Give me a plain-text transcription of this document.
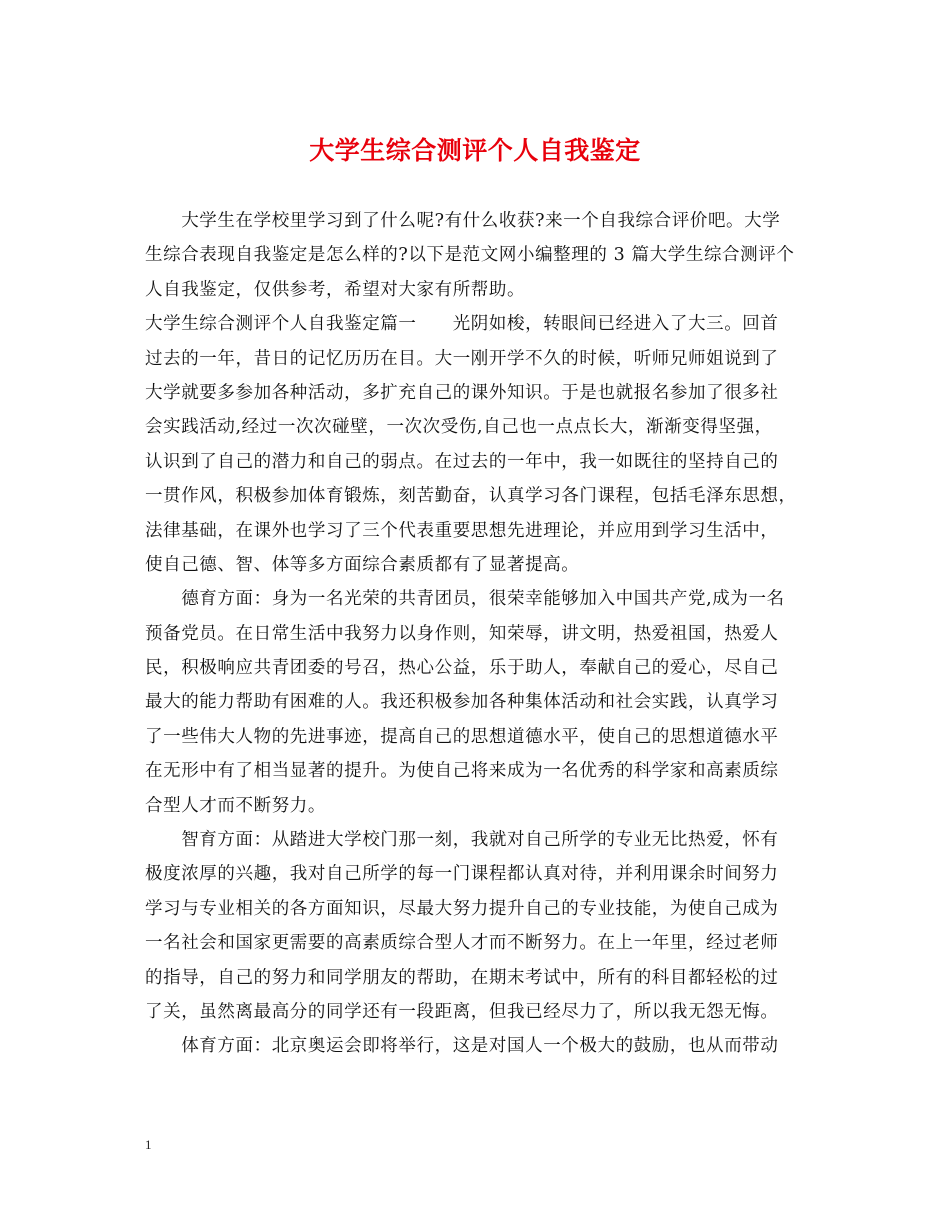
大学生综合测评个人自我鉴定
　　大学生在学校里学习到了什么呢?有什么收获?来一个自我综合评价吧。大学
生综合表现自我鉴定是怎么样的?以下是范文网小编整理的 3 篇大学生综合测评个
人自我鉴定，仅供参考，希望对大家有所帮助。
大学生综合测评个人自我鉴定篇一　　光阴如梭，转眼间已经进入了大三。回首
过去的一年，昔日的记忆历历在目。大一刚开学不久的时候，听师兄师姐说到了
大学就要多参加各种活动，多扩充自己的课外知识。于是也就报名参加了很多社
会实践活动,经过一次次碰壁，一次次受伤,自己也一点点长大，渐渐变得坚强，
认识到了自己的潜力和自己的弱点。在过去的一年中，我一如既往的坚持自己的
一贯作风，积极参加体育锻炼，刻苦勤奋，认真学习各门课程，包括毛泽东思想，
法律基础，在课外也学习了三个代表重要思想先进理论，并应用到学习生活中，
使自己德、智、体等多方面综合素质都有了显著提高。
　　德育方面：身为一名光荣的共青团员，很荣幸能够加入中国共产党,成为一名
预备党员。在日常生活中我努力以身作则，知荣辱，讲文明，热爱祖国，热爱人
民，积极响应共青团委的号召，热心公益，乐于助人，奉献自己的爱心，尽自己
最大的能力帮助有困难的人。我还积极参加各种集体活动和社会实践，认真学习
了一些伟大人物的先进事迹，提高自己的思想道德水平，使自己的思想道德水平
在无形中有了相当显著的提升。为使自己将来成为一名优秀的科学家和高素质综
合型人才而不断努力。
　　智育方面：从踏进大学校门那一刻，我就对自己所学的专业无比热爱，怀有
极度浓厚的兴趣，我对自己所学的每一门课程都认真对待，并利用课余时间努力
学习与专业相关的各方面知识，尽最大努力提升自己的专业技能，为使自己成为
一名社会和国家更需要的高素质综合型人才而不断努力。在上一年里，经过老师
的指导，自己的努力和同学朋友的帮助，在期末考试中，所有的科目都轻松的过
了关，虽然离最高分的同学还有一段距离，但我已经尽力了，所以我无怨无悔。
　　体育方面：北京奥运会即将举行，这是对国人一个极大的鼓励，也从而带动
1
